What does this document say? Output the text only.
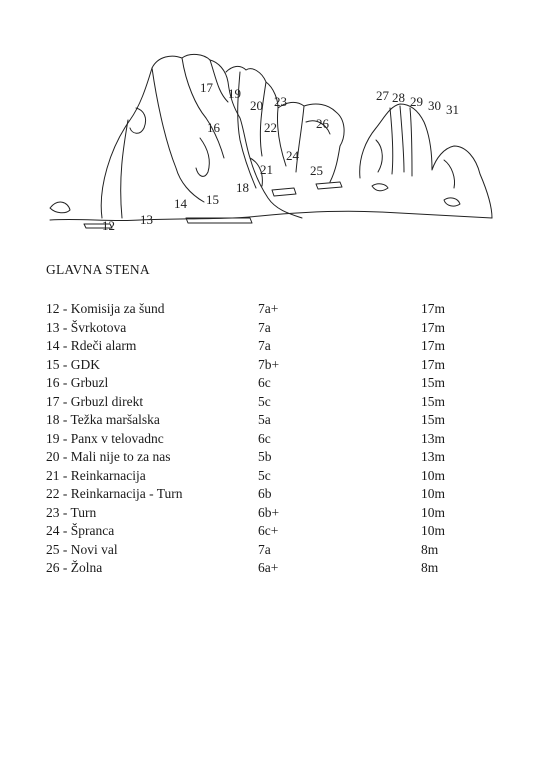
12 13
14 15
16
17
18
19
20
21
22
23
24
25
26
27 28 29 30 31
GLAVNA STENA
12 - Komisija za šund	7a+	17m
13 - Švrkotova	7a	17m
14 - Rdeči alarm	7a	17m
15 - GDK	7b+	17m
16 - Grbuzl	6c	15m
17 - Grbuzl direkt	5c	15m
18 - Težka maršalska	5a	15m
19 - Panx v telovadnc	6c	13m
20 - Mali nije to za nas	5b	13m
21 - Reinkarnacija	5c	10m
22 - Reinkarnacija - Turn	6b	10m
23 - Turn	6b+	10m
24 - Špranca	6c+	10m
25 - Novi val	7a	8m
26 - Žolna	6a+	8m
